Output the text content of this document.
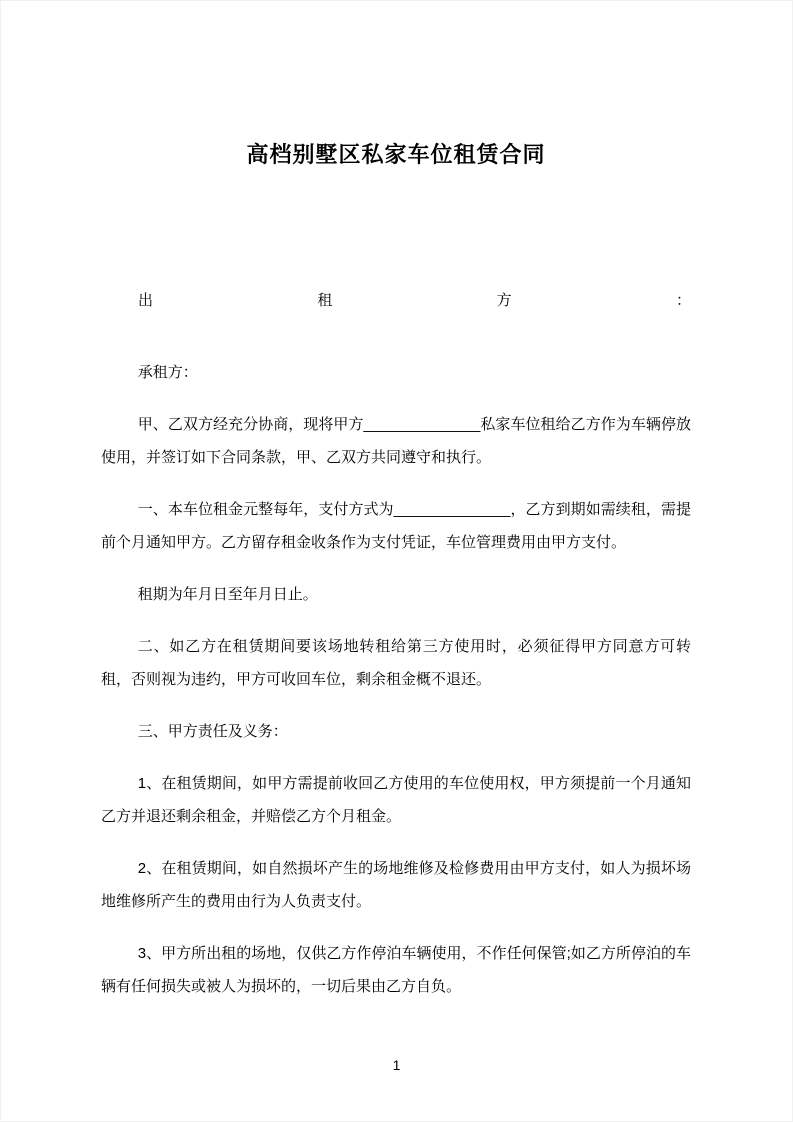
高档别墅区私家车位租赁合同
出	租	方	：

承租方：

甲、乙双方经充分协商，现将甲方______________私家车位租给乙方作为车辆停放使用，并签订如下合同条款，甲、乙双方共同遵守和执行。

一、本车位租金元整每年，支付方式为______________，乙方到期如需续租，需提前个月通知甲方。乙方留存租金收条作为支付凭证，车位管理费用由甲方支付。

租期为年月日至年月日止。

二、如乙方在租赁期间要该场地转租给第三方使用时，必须征得甲方同意方可转租，否则视为违约，甲方可收回车位，剩余租金概不退还。

三、甲方责任及义务：

1、在租赁期间，如甲方需提前收回乙方使用的车位使用权，甲方须提前一个月通知乙方并退还剩余租金，并赔偿乙方个月租金。

2、在租赁期间，如自然损坏产生的场地维修及检修费用由甲方支付，如人为损坏场地维修所产生的费用由行为人负责支付。

3、甲方所出租的场地，仅供乙方作停泊车辆使用，不作任何保管;如乙方所停泊的车辆有任何损失或被人为损坏的，一切后果由乙方自负。

1
